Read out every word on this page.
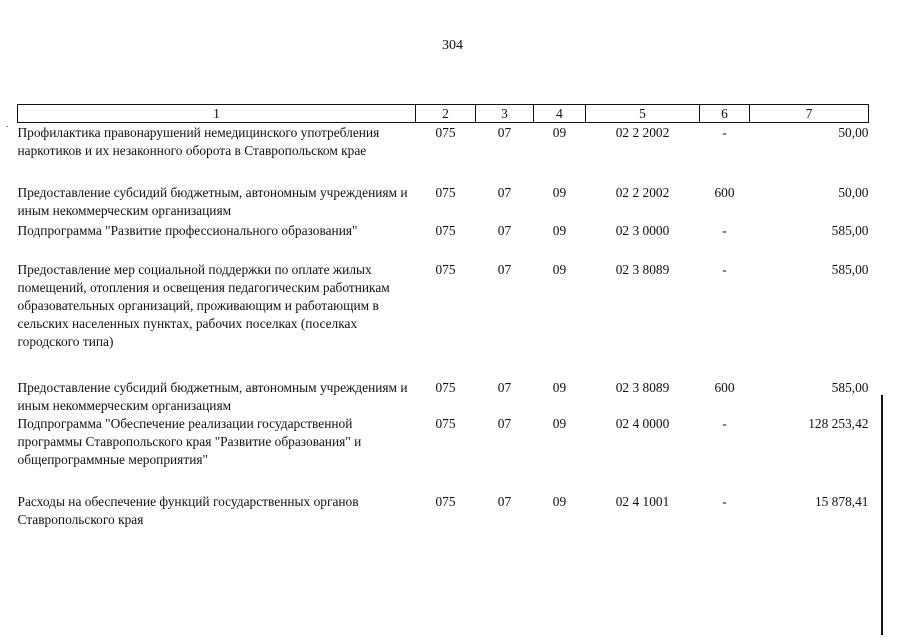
304
1	2	3	4	5	6	7
Профилактика правонарушений немедицинского употребления наркотиков и их незаконного оборота в Ставропольском крае	075	07	09	02 2 2002	-	50,00
Предоставление субсидий бюджетным, автономным учреждениям и иным некоммерческим организациям	075	07	09	02 2 2002	600	50,00
Подпрограмма "Развитие профессионального образования"	075	07	09	02 3 0000	-	585,00
Предоставление мер социальной поддержки по оплате жилых помещений, отопления и освещения педагогическим работникам образовательных организаций, проживающим и работающим в сельских населенных пунктах, рабочих поселках (поселках городского типа)	075	07	09	02 3 8089	-	585,00
Предоставление субсидий бюджетным, автономным учреждениям и иным некоммерческим организациям	075	07	09	02 3 8089	600	585,00
Подпрограмма "Обеспечение реализации государственной программы Ставропольского края "Развитие образования" и общепрограммные мероприятия"	075	07	09	02 4 0000	-	128 253,42
Расходы на обеспечение функций государственных органов Ставропольского края	075	07	09	02 4 1001	-	15 878,41
